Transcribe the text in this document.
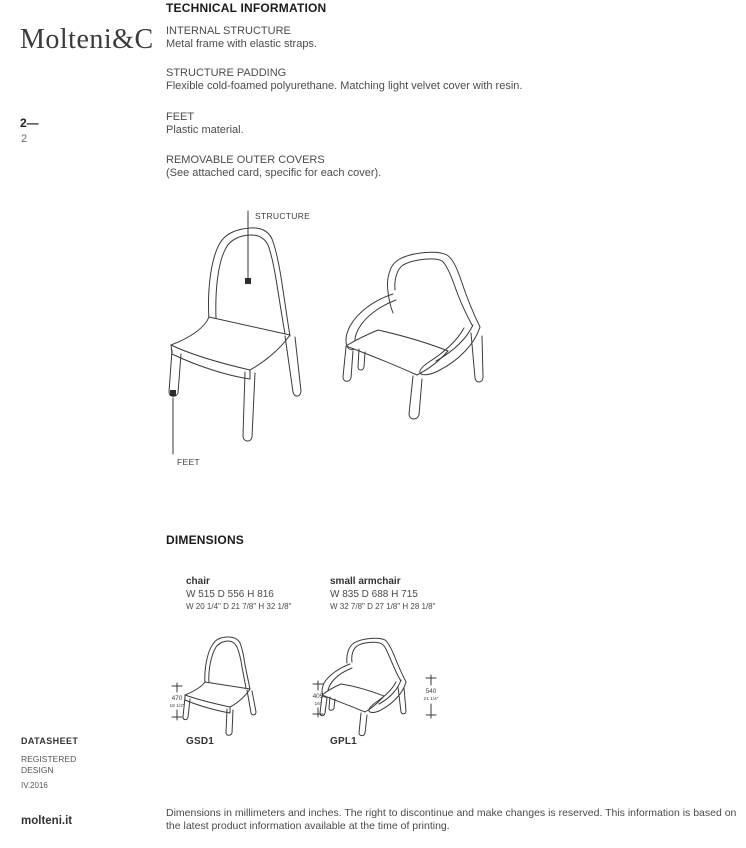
Molteni&C
2—
2
TECHNICAL INFORMATION
INTERNAL STRUCTURE
Metal frame with elastic straps.
STRUCTURE PADDING
Flexible cold-foamed polyurethane. Matching light velvet cover with resin.
FEET
Plastic material.
REMOVABLE OUTER COVERS
(See attached card, specific for each cover).
STRUCTURE
FEET
DIMENSIONS
chair
W 515 D 556 H 816
W 20 1/4" D 21 7/8" H 32 1/8"
small armchair
W 835 D 688 H 715
W 32 7/8" D 27 1/8" H 28 1/8"
470
18 1/2"
405
16"
540
21 1/4"
GSD1	GPL1
DATASHEET
REGISTERED
DESIGN
IV.2016
molteni.it
Dimensions in millimeters and inches. The right to discontinue and make changes is reserved. This information is based on the latest product information available at the time of printing.
